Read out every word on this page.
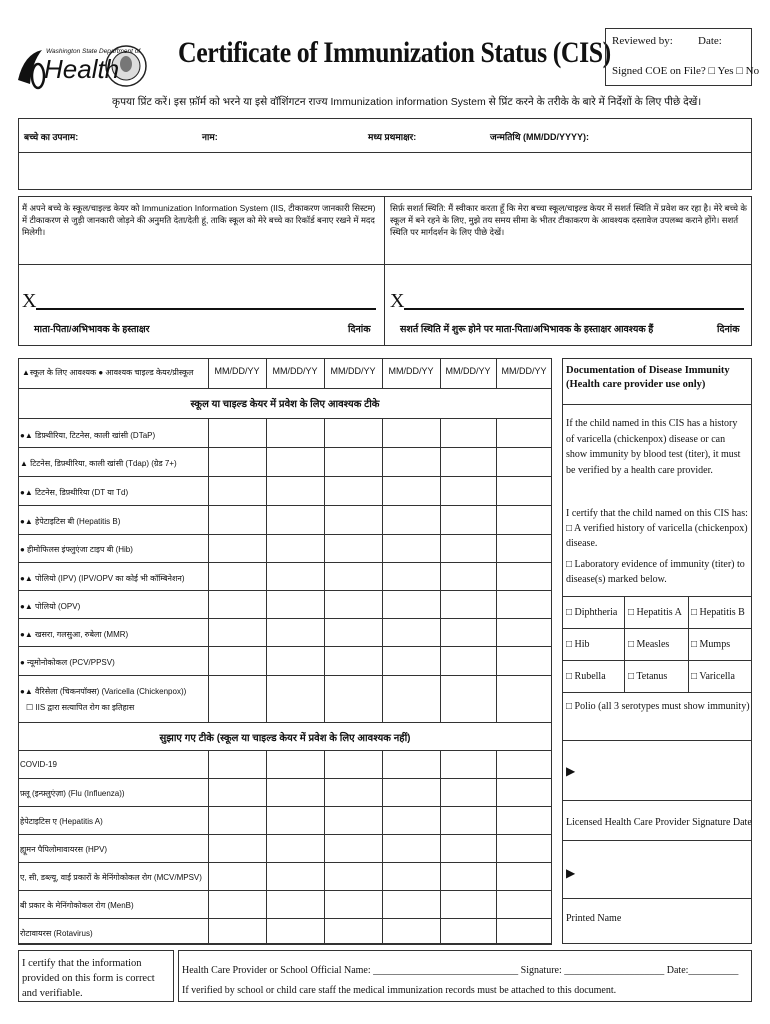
Washington State Department of
Health Certificate of Immunization Status (CIS) Reviewed by: Date:
Signed COE on File? □ Yes □ No
कृपया प्रिंट करें। इस फ़ॉर्म को भरने या इसे वॉशिंगटन राज्य Immunization information System से प्रिंट करने के तरीके के बारे में निर्देशों के लिए पीछे देखें।
बच्चे का उपनाम:	नाम:	मध्य प्रथमाक्षर:	जन्मतिथि (MM/DD/YYYY):
मैं अपने बच्चे के स्कूल/चाइल्ड केयर को Immunization Information System (IIS, टीकाकरण जानकारी सिस्टम) में टीकाकरण से जुड़ी जानकारी जोड़ने की अनुमति देता/देती हूं, ताकि स्कूल को मेरे बच्चे का रिकॉर्ड बनाए रखने में मदद मिलेगी।
सिर्फ़ सशर्त स्थिति: मैं स्वीकार करता हूँ कि मेरा बच्चा स्कूल/चाइल्ड केयर में सशर्त स्थिति में प्रवेश कर रहा है। मेरे बच्चे के स्कूल में बने रहने के लिए, मुझे तय समय सीमा के भीतर टीकाकरण के आवश्यक दस्तावेज उपलब्ध कराने होंगे। सशर्त स्थिति पर मार्गदर्शन के लिए पीछे देखें।
X
माता-पिता/अभिभावक के हस्ताक्षर	दिनांक
X
सशर्त स्थिति में शुरू होने पर माता-पिता/अभिभावक के हस्ताक्षर आवश्यक हैं	दिनांक
▲स्कूल के लिए आवश्यक ● आवश्यक चाइल्ड केयर/प्रीस्कूल	MM/DD/YY	MM/DD/YY	MM/DD/YY	MM/DD/YY	MM/DD/YY	MM/DD/YY
स्कूल या चाइल्ड केयर में प्रवेश के लिए आवश्यक टीके
●▲ डिफ़्थीरिया, टिटनेस, काली खांसी (DTaP)
▲ टिटनेस, डिफ़्थीरिया, काली खांसी (Tdap) (ग्रेड 7+)
●▲ टिटनेस, डिफ़्थीरिया (DT या Td)
●▲ हेपेटाइटिस बी (Hepatitis B)
● हीमोफिलस इंफ्लुएंजा टाइप बी (Hib)
●▲ पोलियो (IPV) (IPV/OPV का कोई भी कॉम्बिनेशन)
●▲ पोलियो (OPV)
●▲ खसरा, गलसुआ, रुबेला (MMR)
● न्यूमोनोकोकल (PCV/PPSV)
●▲ वैरिसेला (चिकनपॉक्स) (Varicella (Chickenpox))
☐ IIS द्वारा सत्यापित रोग का इतिहास
सुझाए गए टीके (स्कूल या चाइल्ड केयर में प्रवेश के लिए आवश्यक नहीं)
COVID-19
फ़्लू (इन्फ़्लुएंज़ा) (Flu (Influenza))
हेपेटाइटिस ए (Hepatitis A)
ह्यूमन पैपिलोमावायरस (HPV)
ए, सी, डब्ल्यू, वाई प्रकारों के मेनिंगोकोकल रोग (MCV/MPSV)
बी प्रकार के मेनिंगोकोकल रोग (MenB)
रोटावायरस (Rotavirus)
Documentation of Disease Immunity (Health care provider use only)
If the child named in this CIS has a history of varicella (chickenpox) disease or can show immunity by blood test (titer), it must be verified by a health care provider.
I certify that the child named on this CIS has:
□ A verified history of varicella (chickenpox) disease.
□ Laboratory evidence of immunity (titer) to disease(s) marked below.
□ Diphtheria □ Hepatitis A □ Hepatitis B
□ Hib	□ Measles □ Mumps
□ Rubella □ Tetanus □ Varicella
□ Polio (all 3 serotypes must show immunity)
▶
Licensed Health Care Provider Signature Date
▶
Printed Name
I certify that the information provided on this form is correct and verifiable.
Health Care Provider or School Official Name: _____________________________ Signature: ____________________ Date:__________
If verified by school or child care staff the medical immunization records must be attached to this document.
